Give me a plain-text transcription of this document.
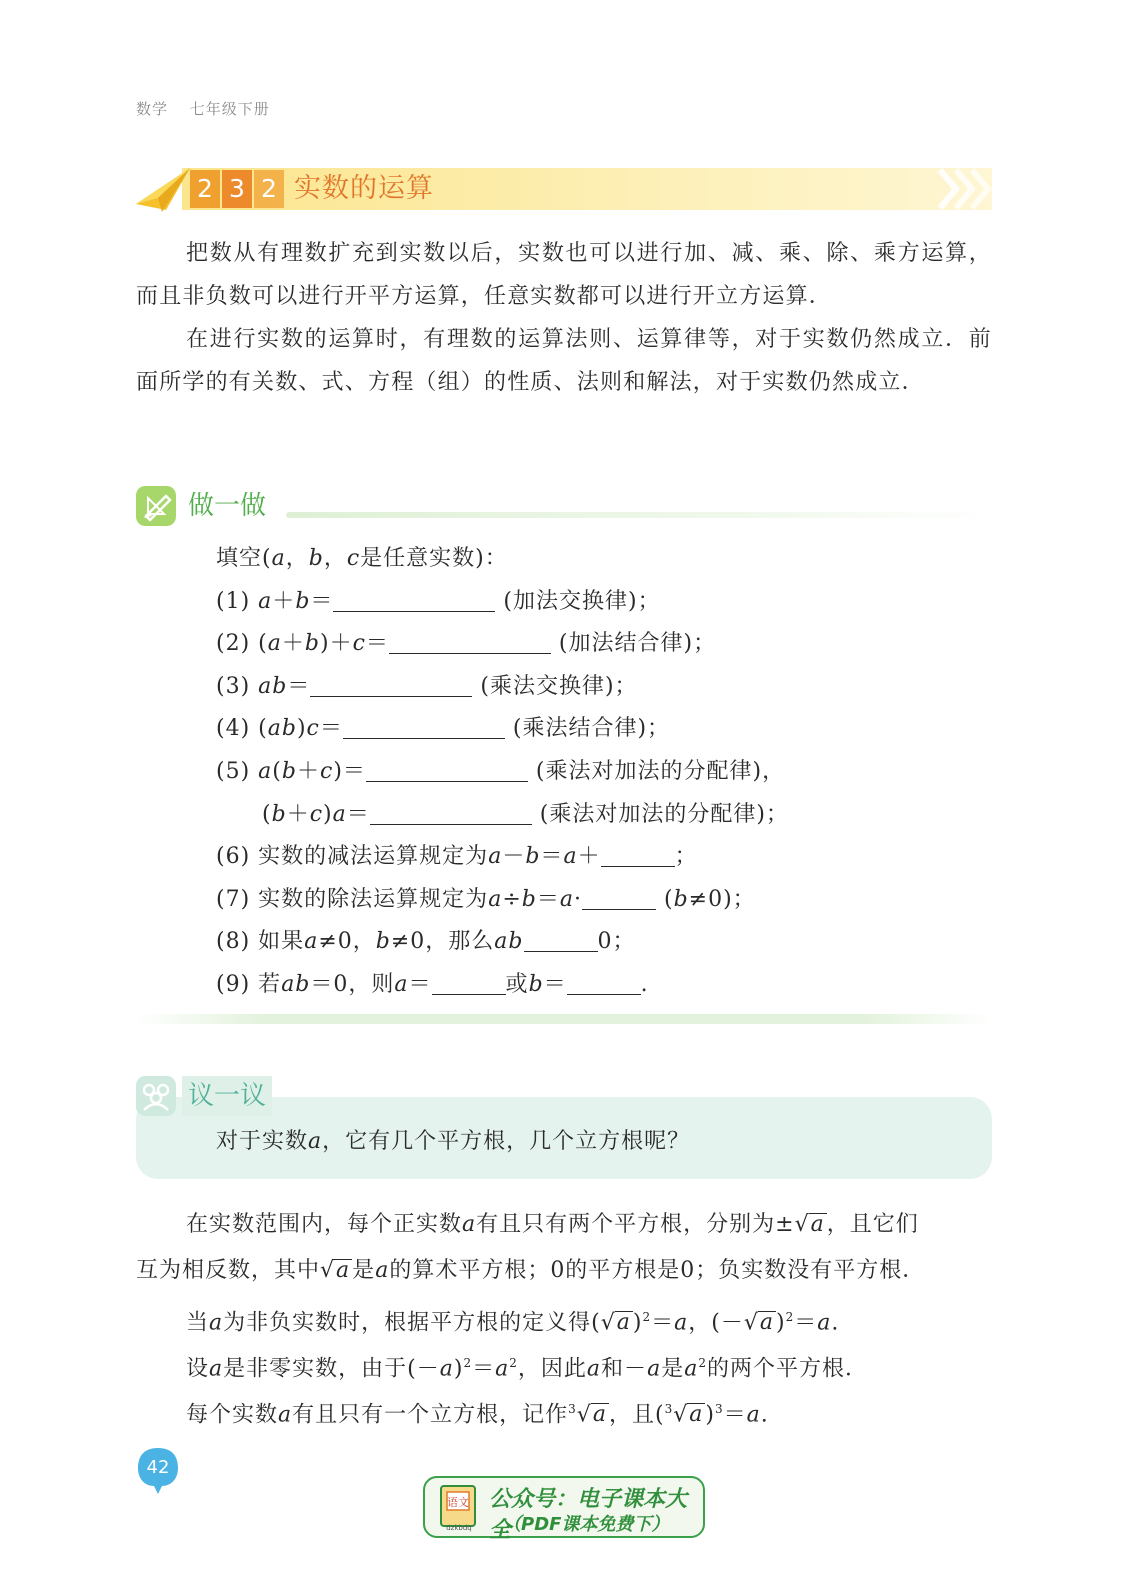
数学 七年级下册
2 3 2 实数的运算

把数从有理数扩充到实数以后，实数也可以进行加、减、乘、除、乘方运算，而且非负数可以进行开平方运算，任意实数都可以进行开立方运算．

在进行实数的运算时，有理数的运算法则、运算律等，对于实数仍然成立．前面所学的有关数、式、方程（组）的性质、法则和解法，对于实数仍然成立．

做一做
填空(a，b，c是任意实数)：
(1) a＋b＝	(加法交换律)；
(2) (a＋b)＋c＝	(加法结合律)；
(3) ab＝	(乘法交换律)；
(4) (ab)c＝	(乘法结合律)；
(5) a(b＋c)＝	(乘法对加法的分配律)，
(b＋c)a＝	(乘法对加法的分配律)；
(6) 实数的减法运算规定为a－b＝a＋	；
(7) 实数的除法运算规定为a÷b＝a·	(b≠0)；
(8) 如果a≠0，b≠0，那么ab	0；
(9) 若ab＝0，则a＝	或b＝	.
议一议
对于实数a，它有几个平方根，几个立方根呢？
在实数范围内，每个正实数a有且只有两个平方根，分别为±√a，且它们
互为相反数，其中√a是a的算术平方根；0的平方根是0；负实数没有平方根．
当a为非负实数时，根据平方根的定义得$(√a)^2=a$，$(-√a)^2=a$.
设a是非零实数，由于$(-a)^2=a^2$，因此a和－a是$a^2$的两个平方根．
每个实数a有且只有一个立方根，记作$^3$√a，且$(^3√a)^3=a$.
42
语文
dzkbdq
公众号：电子课本大全
（PDF课本免费下）
